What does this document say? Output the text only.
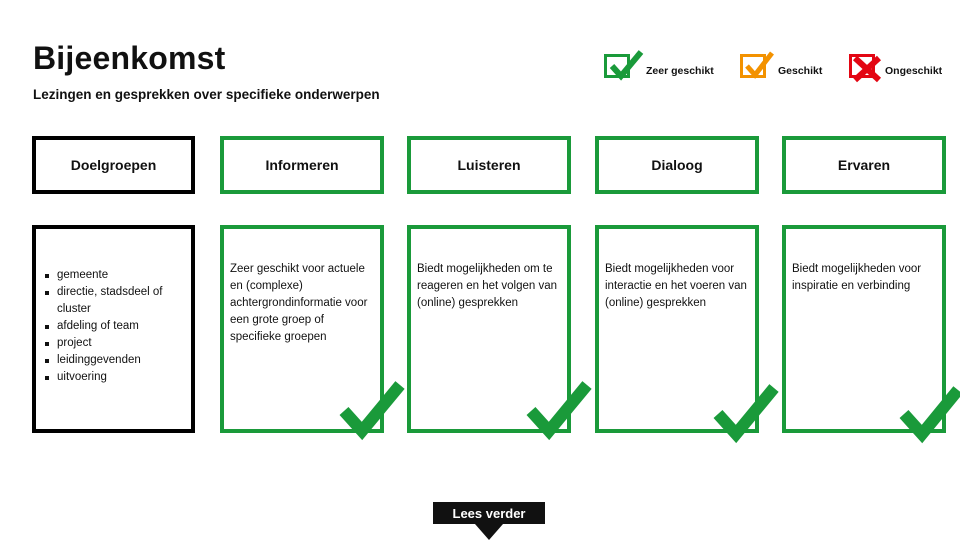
Bijeenkomst
Lezingen en gesprekken over specifieke onderwerpen
Zeer geschikt	Geschikt	Ongeschikt
Doelgroepen	Informeren	Luisteren	Dialoog	Ervaren
gemeente
directie, stadsdeel of cluster
afdeling of team
project
leidinggevenden
uitvoering
Zeer geschikt voor actuele en (complexe) achtergrondinformatie voor een grote groep of specifieke groepen
Biedt mogelijkheden om te reageren en het volgen van (online) gesprekken
Biedt mogelijkheden voor interactie en het voeren van (online) gesprekken
Biedt mogelijkheden voor inspiratie en verbinding
Lees verder
